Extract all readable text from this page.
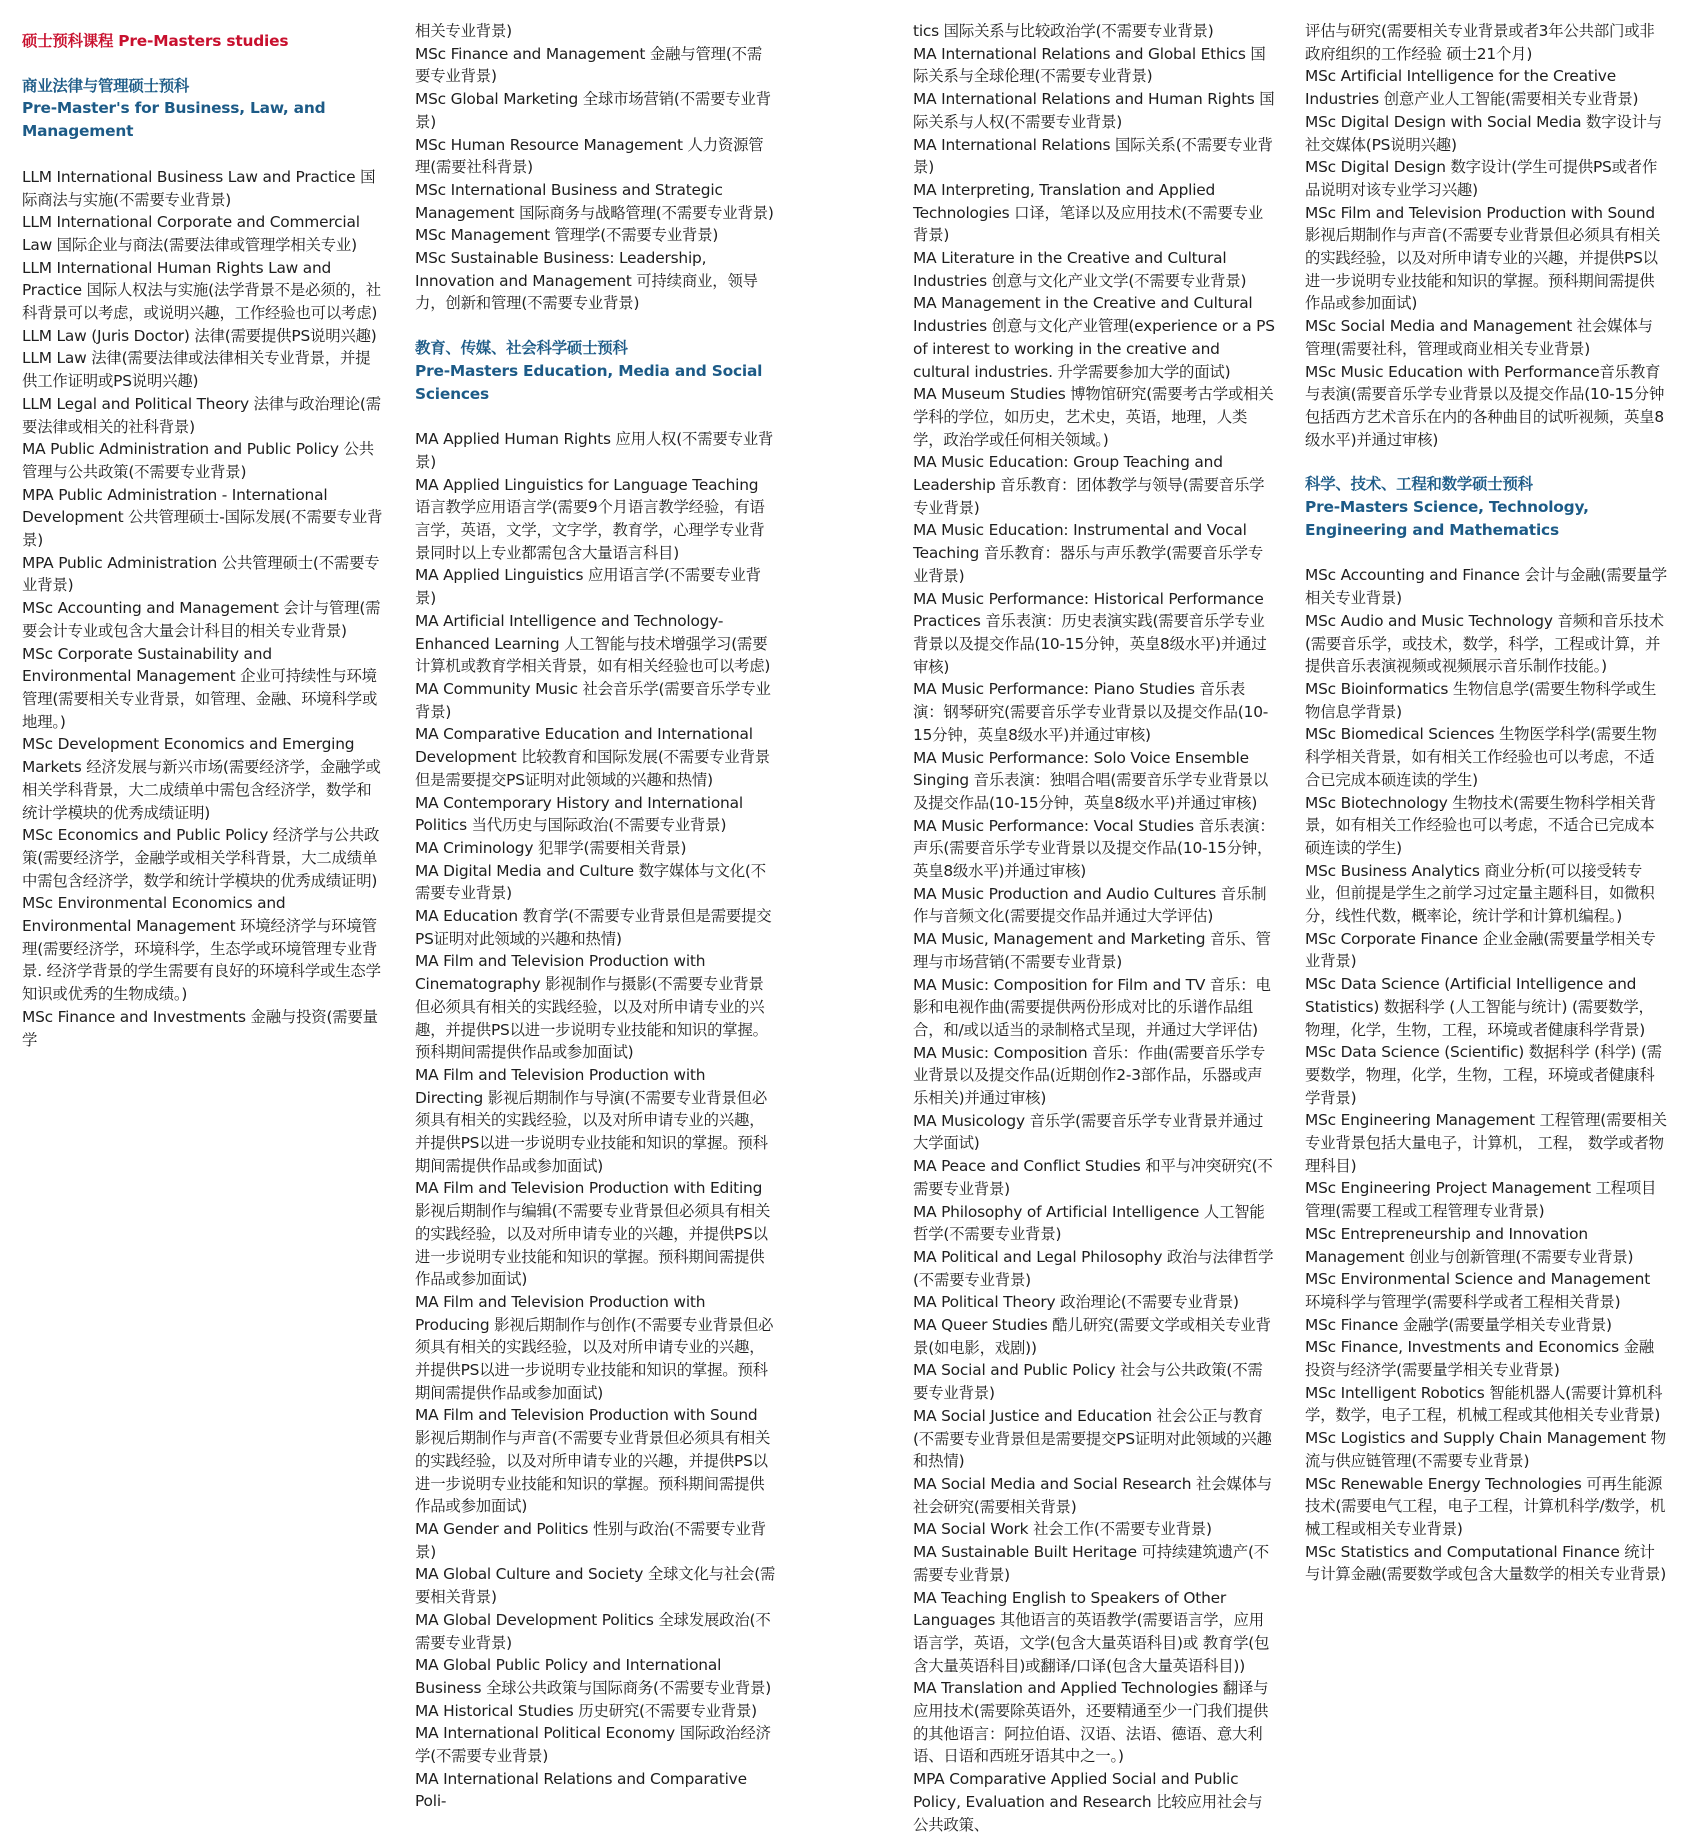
硕士预科课程 Pre-Masters studies

商业法律与管理硕士预科
Pre-Master's for Business, Law, and Management

LLM International Business Law and Practice 国际商法与实施(不需要专业背景)

LLM International Corporate and Commercial Law 国际企业与商法(需要法律或管理学相关专业)

LLM International Human Rights Law and Practice 国际人权法与实施(法学背景不是必须的，社科背景可以考虑，或说明兴趣，工作经验也可以考虑)

LLM Law (Juris Doctor) 法律(需要提供PS说明兴趣)

LLM Law 法律(需要法律或法律相关专业背景，并提供工作证明或PS说明兴趣)

LLM Legal and Political Theory 法律与政治理论(需要法律或相关的社科背景)

MA Public Administration and Public Policy 公共管理与公共政策(不需要专业背景)

MPA Public Administration - International Development 公共管理硕士-国际发展(不需要专业背景)

MPA Public Administration 公共管理硕士(不需要专业背景)

MSc Accounting and Management 会计与管理(需要会计专业或包含大量会计科目的相关专业背景)

MSc Corporate Sustainability and Environmental Management 企业可持续性与环境管理(需要相关专业背景，如管理、金融、环境科学或地理。)

MSc Development Economics and Emerging Markets 经济发展与新兴市场(需要经济学，金融学或相关学科背景，大二成绩单中需包含经济学，数学和统计学模块的优秀成绩证明)

MSc Economics and Public Policy 经济学与公共政策(需要经济学，金融学或相关学科背景，大二成绩单中需包含经济学，数学和统计学模块的优秀成绩证明)

MSc Environmental Economics and Environmental Management 环境经济学与环境管理(需要经济学，环境科学，生态学或环境管理专业背景. 经济学背景的学生需要有良好的环境科学或生态学知识或优秀的生物成绩。)

MSc Finance and Investments 金融与投资(需要量学

相关专业背景)

MSc Finance and Management 金融与管理(不需要专业背景)

MSc Global Marketing 全球市场营销(不需要专业背景)

MSc Human Resource Management 人力资源管理(需要社科背景)

MSc International Business and Strategic Management 国际商务与战略管理(不需要专业背景)

MSc Management 管理学(不需要专业背景)

MSc Sustainable Business: Leadership, Innovation and Management 可持续商业，领导力，创新和管理(不需要专业背景)

教育、传媒、社会科学硕士预科
Pre-Masters Education, Media and Social Sciences

MA Applied Human Rights 应用人权(不需要专业背景)

MA Applied Linguistics for Language Teaching 语言教学应用语言学(需要9个月语言教学经验，有语言学，英语，文学，文字学，教育学，心理学专业背景同时以上专业都需包含大量语言科目)

MA Applied Linguistics 应用语言学(不需要专业背景)

MA Artificial Intelligence and Technology-Enhanced Learning 人工智能与技术增强学习(需要计算机或教育学相关背景，如有相关经验也可以考虑)

MA Community Music 社会音乐学(需要音乐学专业背景)

MA Comparative Education and International Development 比较教育和国际发展(不需要专业背景但是需要提交PS证明对此领域的兴趣和热情)

MA Contemporary History and International Politics 当代历史与国际政治(不需要专业背景)

MA Criminology 犯罪学(需要相关背景)

MA Digital Media and Culture 数字媒体与文化(不需要专业背景)

MA Education 教育学(不需要专业背景但是需要提交PS证明对此领域的兴趣和热情)

MA Film and Television Production with Cinematography 影视制作与摄影(不需要专业背景但必须具有相关的实践经验，以及对所申请专业的兴趣，并提供PS以进一步说明专业技能和知识的掌握。预科期间需提供作品或参加面试)

MA Film and Television Production with Directing 影视后期制作与导演(不需要专业背景但必须具有相关的实践经验，以及对所申请专业的兴趣，并提供PS以进一步说明专业技能和知识的掌握。预科期间需提供作品或参加面试)

MA Film and Television Production with Editing 影视后期制作与编辑(不需要专业背景但必须具有相关的实践经验，以及对所申请专业的兴趣，并提供PS以进一步说明专业技能和知识的掌握。预科期间需提供作品或参加面试)

MA Film and Television Production with Producing 影视后期制作与创作(不需要专业背景但必须具有相关的实践经验，以及对所申请专业的兴趣，并提供PS以进一步说明专业技能和知识的掌握。预科期间需提供作品或参加面试)

MA Film and Television Production with Sound 影视后期制作与声音(不需要专业背景但必须具有相关的实践经验，以及对所申请专业的兴趣，并提供PS以进一步说明专业技能和知识的掌握。预科期间需提供作品或参加面试)

MA Gender and Politics 性别与政治(不需要专业背景)

MA Global Culture and Society 全球文化与社会(需要相关背景)

MA Global Development Politics 全球发展政治(不需要专业背景)

MA Global Public Policy and International Business 全球公共政策与国际商务(不需要专业背景)

MA Historical Studies 历史研究(不需要专业背景)

MA International Political Economy 国际政治经济学(不需要专业背景)

MA International Relations and Comparative Poli-

tics 国际关系与比较政治学(不需要专业背景)

MA International Relations and Global Ethics 国际关系与全球伦理(不需要专业背景)

MA International Relations and Human Rights 国际关系与人权(不需要专业背景)

MA International Relations 国际关系(不需要专业背景)

MA Interpreting, Translation and Applied Technologies 口译，笔译以及应用技术(不需要专业背景)

MA Literature in the Creative and Cultural Industries 创意与文化产业文学(不需要专业背景)

MA Management in the Creative and Cultural Industries 创意与文化产业管理(experience or a PS of interest to working in the creative and cultural industries. 升学需要参加大学的面试)

MA Museum Studies 博物馆研究(需要考古学或相关学科的学位，如历史，艺术史，英语，地理，人类学，政治学或任何相关领域。)

MA Music Education: Group Teaching and Leadership 音乐教育：团体教学与领导(需要音乐学专业背景)

MA Music Education: Instrumental and Vocal Teaching 音乐教育：器乐与声乐教学(需要音乐学专业背景)

MA Music Performance: Historical Performance Practices 音乐表演：历史表演实践(需要音乐学专业背景以及提交作品(10-15分钟，英皇8级水平)并通过审核)

MA Music Performance: Piano Studies 音乐表演：钢琴研究(需要音乐学专业背景以及提交作品(10-15分钟，英皇8级水平)并通过审核)

MA Music Performance: Solo Voice Ensemble Singing 音乐表演：独唱合唱(需要音乐学专业背景以及提交作品(10-15分钟，英皇8级水平)并通过审核)

MA Music Performance: Vocal Studies 音乐表演：声乐(需要音乐学专业背景以及提交作品(10-15分钟，英皇8级水平)并通过审核)

MA Music Production and Audio Cultures 音乐制作与音频文化(需要提交作品并通过大学评估)

MA Music, Management and Marketing 音乐、管理与市场营销(不需要专业背景)

MA Music: Composition for Film and TV 音乐：电影和电视作曲(需要提供两份形成对比的乐谱作品组合，和/或以适当的录制格式呈现，并通过大学评估)

MA Music: Composition 音乐：作曲(需要音乐学专业背景以及提交作品(近期创作2-3部作品，乐器或声乐相关)并通过审核)

MA Musicology 音乐学(需要音乐学专业背景并通过大学面试)

MA Peace and Conflict Studies 和平与冲突研究(不需要专业背景)

MA Philosophy of Artificial Intelligence 人工智能哲学(不需要专业背景)

MA Political and Legal Philosophy 政治与法律哲学(不需要专业背景)

MA Political Theory 政治理论(不需要专业背景)

MA Queer Studies 酷儿研究(需要文学或相关专业背景(如电影，戏剧))

MA Social and Public Policy 社会与公共政策(不需要专业背景)

MA Social Justice and Education 社会公正与教育(不需要专业背景但是需要提交PS证明对此领域的兴趣和热情)

MA Social Media and Social Research 社会媒体与社会研究(需要相关背景)

MA Social Work 社会工作(不需要专业背景)

MA Sustainable Built Heritage 可持续建筑遗产(不需要专业背景)

MA Teaching English to Speakers of Other Languages 其他语言的英语教学(需要语言学，应用语言学，英语，文学(包含大量英语科目)或 教育学(包含大量英语科目)或翻译/口译(包含大量英语科目))

MA Translation and Applied Technologies 翻译与应用技术(需要除英语外，还要精通至少一门我们提供的其他语言：阿拉伯语、汉语、法语、德语、意大利语、日语和西班牙语其中之一。)

MPA Comparative Applied Social and Public Policy, Evaluation and Research 比较应用社会与公共政策、

评估与研究(需要相关专业背景或者3年公共部门或非政府组织的工作经验 硕士21个月)

MSc Artificial Intelligence for the Creative Industries 创意产业人工智能(需要相关专业背景)

MSc Digital Design with Social Media 数字设计与社交媒体(PS说明兴趣)

MSc Digital Design 数字设计(学生可提供PS或者作品说明对该专业学习兴趣)

MSc Film and Television Production with Sound 影视后期制作与声音(不需要专业背景但必须具有相关的实践经验，以及对所申请专业的兴趣，并提供PS以进一步说明专业技能和知识的掌握。预科期间需提供作品或参加面试)

MSc Social Media and Management 社会媒体与管理(需要社科，管理或商业相关专业背景)

MSc Music Education with Performance音乐教育与表演(需要音乐学专业背景以及提交作品(10-15分钟包括西方艺术音乐在内的各种曲目的试听视频，英皇8级水平)并通过审核)

科学、技术、工程和数学硕士预科
Pre-Masters Science, Technology, Engineering and Mathematics

MSc Accounting and Finance 会计与金融(需要量学相关专业背景)

MSc Audio and Music Technology 音频和音乐技术(需要音乐学，或技术，数学，科学，工程或计算，并提供音乐表演视频或视频展示音乐制作技能。)

MSc Bioinformatics 生物信息学(需要生物科学或生物信息学背景)

MSc Biomedical Sciences 生物医学科学(需要生物科学相关背景，如有相关工作经验也可以考虑，不适合已完成本硕连读的学生)

MSc Biotechnology 生物技术(需要生物科学相关背景，如有相关工作经验也可以考虑，不适合已完成本硕连读的学生)

MSc Business Analytics 商业分析(可以接受转专业，但前提是学生之前学习过定量主题科目，如微积分，线性代数，概率论，统计学和计算机编程。)

MSc Corporate Finance 企业金融(需要量学相关专业背景)

MSc Data Science (Artificial Intelligence and Statistics) 数据科学 (人工智能与统计) (需要数学，物理，化学，生物，工程，环境或者健康科学背景)

MSc Data Science (Scientific) 数据科学 (科学) (需要数学，物理，化学，生物，工程，环境或者健康科学背景)

MSc Engineering Management 工程管理(需要相关专业背景包括大量电子，计算机， 工程， 数学或者物理科目)

MSc Engineering Project Management 工程项目管理(需要工程或工程管理专业背景)

MSc Entrepreneurship and Innovation Management 创业与创新管理(不需要专业背景)

MSc Environmental Science and Management 环境科学与管理学(需要科学或者工程相关背景)

MSc Finance 金融学(需要量学相关专业背景)

MSc Finance, Investments and Economics 金融投资与经济学(需要量学相关专业背景)

MSc Intelligent Robotics 智能机器人(需要计算机科学，数学，电子工程，机械工程或其他相关专业背景)

MSc Logistics and Supply Chain Management 物流与供应链管理(不需要专业背景)

MSc Renewable Energy Technologies 可再生能源技术(需要电气工程，电子工程，计算机科学/数学，机械工程或相关专业背景)

MSc Statistics and Computational Finance 统计与计算金融(需要数学或包含大量数学的相关专业背景)
